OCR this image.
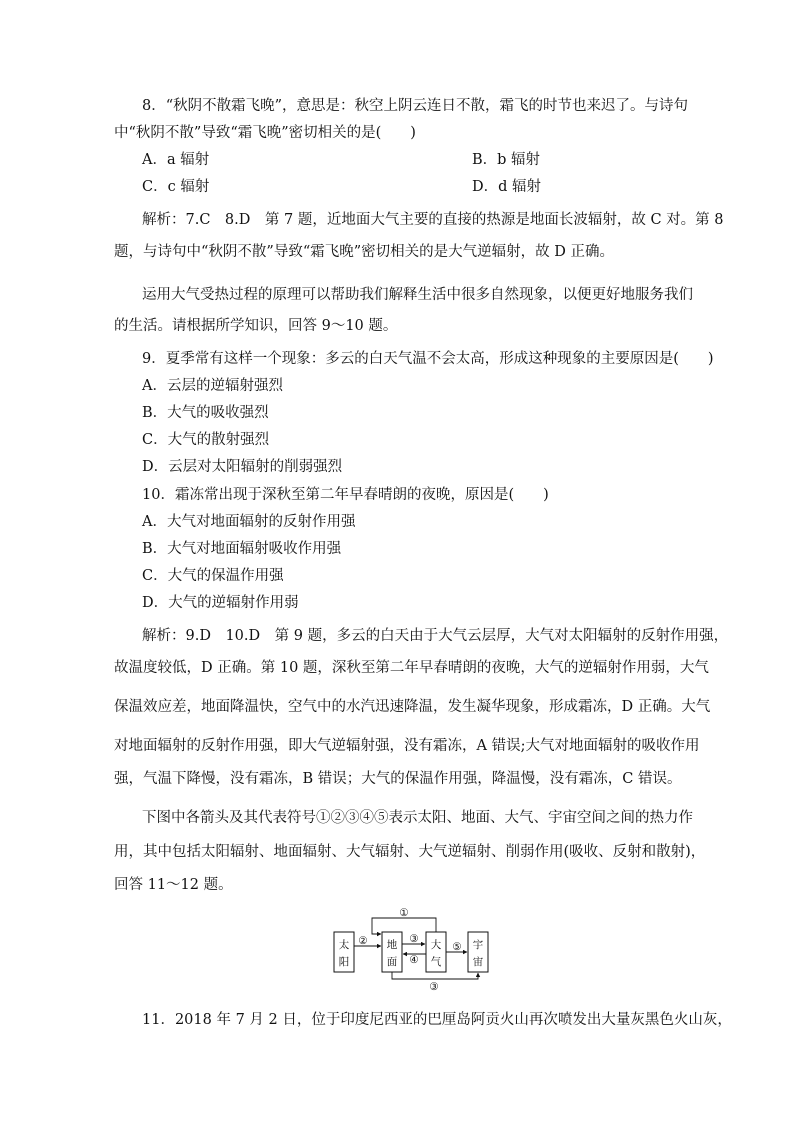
8．“秋阴不散霜飞晚”，意思是：秋空上阴云连日不散，霜飞的时节也来迟了。与诗句
中“秋阴不散”导致“霜飞晚”密切相关的是(　　)
A．a 辐射	B．b 辐射
C．c 辐射	D．d 辐射
解析：7.C　8.D　第 7 题，近地面大气主要的直接的热源是地面长波辐射，故 C 对。第 8
题，与诗句中“秋阴不散”导致“霜飞晚”密切相关的是大气逆辐射，故 D 正确。
运用大气受热过程的原理可以帮助我们解释生活中很多自然现象，以便更好地服务我们
的生活。请根据所学知识，回答 9～10 题。
9．夏季常有这样一个现象：多云的白天气温不会太高，形成这种现象的主要原因是(　　)
A．云层的逆辐射强烈
B．大气的吸收强烈
C．大气的散射强烈
D．云层对太阳辐射的削弱强烈
10．霜冻常出现于深秋至第二年早春晴朗的夜晚，原因是(　　)
A．大气对地面辐射的反射作用强
B．大气对地面辐射吸收作用强
C．大气的保温作用强
D．大气的逆辐射作用弱
解析：9.D　10.D　第 9 题，多云的白天由于大气云层厚，大气对太阳辐射的反射作用强，
故温度较低，D 正确。第 10 题，深秋至第二年早春晴朗的夜晚，大气的逆辐射作用弱，大气
保温效应差，地面降温快，空气中的水汽迅速降温，发生凝华现象，形成霜冻，D 正确。大气
对地面辐射的反射作用强，即大气逆辐射强，没有霜冻，A 错误;大气对地面辐射的吸收作用
强，气温下降慢，没有霜冻，B 错误；大气的保温作用强，降温慢，没有霜冻，C 错误。
下图中各箭头及其代表符号①②③④⑤表示太阳、地面、大气、宇宙空间之间的热力作
用，其中包括太阳辐射、地面辐射、大气辐射、大气逆辐射、削弱作用(吸收、反射和散射)，
回答 11～12 题。
太
阳
地
面
大
气
宇
宙
①
②	③
④
⑤
③
11．2018 年 7 月 2 日，位于印度尼西亚的巴厘岛阿贡火山再次喷发出大量灰黑色火山灰，
